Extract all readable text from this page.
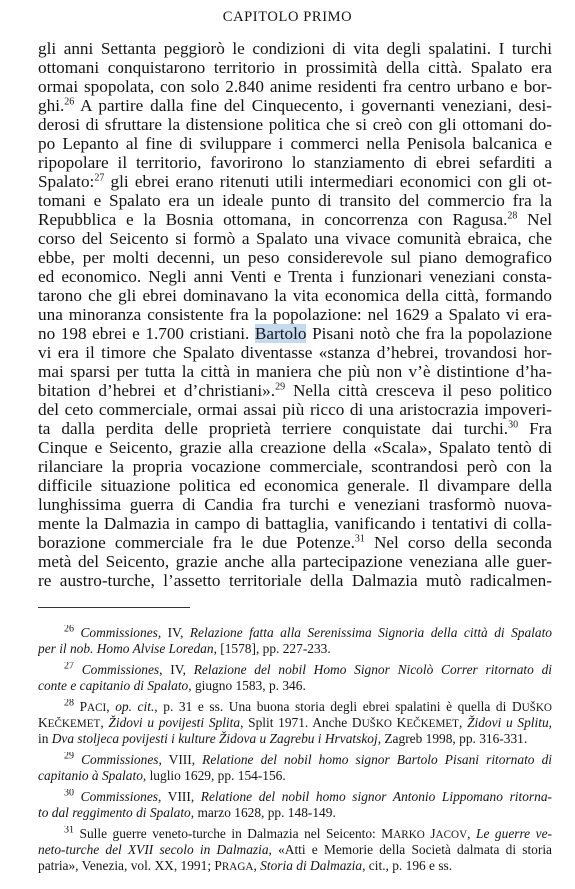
CAPITOLO PRIMO
gli anni Settanta peggiorò le condizioni di vita degli spalatini. I turchi
ottomani conquistarono territorio in prossimità della città. Spalato era
ormai spopolata, con solo 2.840 anime residenti fra centro urbano e bor-
ghi.$^{26}$ A partire dalla fine del Cinquecento, i governanti veneziani, desi-
derosi di sfruttare la distensione politica che si creò con gli ottomani do-
po Lepanto al fine di sviluppare i commerci nella Penisola balcanica e
ripopolare il territorio, favorirono lo stanziamento di ebrei sefarditi a
Spalato:$^{27}$ gli ebrei erano ritenuti utili intermediari economici con gli ot-
tomani e Spalato era un ideale punto di transito del commercio fra la
Repubblica e la Bosnia ottomana, in concorrenza con Ragusa.$^{28}$ Nel
corso del Seicento si formò a Spalato una vivace comunità ebraica, che
ebbe, per molti decenni, un peso considerevole sul piano demografico
ed economico. Negli anni Venti e Trenta i funzionari veneziani consta-
tarono che gli ebrei dominavano la vita economica della città, formando
una minoranza consistente fra la popolazione: nel 1629 a Spalato vi era-
no 198 ebrei e 1.700 cristiani. Bartolo Pisani notò che fra la popolazione
vi era il timore che Spalato diventasse «stanza d’hebrei, trovandosi hor-
mai sparsi per tutta la città in maniera che più non v’è distintione d’ha-
bitation d’hebrei et d’christiani».$^{29}$ Nella città cresceva il peso politico
del ceto commerciale, ormai assai più ricco di una aristocrazia impoveri-
ta dalla perdita delle proprietà terriere conquistate dai turchi.$^{30}$ Fra
Cinque e Seicento, grazie alla creazione della «Scala», Spalato tentò di
rilanciare la propria vocazione commerciale, scontrandosi però con la
difficile situazione politica ed economica generale. Il divampare della
lunghissima guerra di Candia fra turchi e veneziani trasformò nuova-
mente la Dalmazia in campo di battaglia, vanificando i tentativi di colla-
borazione commerciale fra le due Potenze.$^{31}$ Nel corso della seconda
metà del Seicento, grazie anche alla partecipazione veneziana alle guer-
re austro-turche, l’assetto territoriale della Dalmazia mutò radicalmen-
$^{26}$ Commissiones, IV, Relazione fatta alla Serenissima Signoria della città di Spalato
per il nob. Homo Alvise Loredan, [1578], pp. 227-233.
$^{27}$ Commissiones, IV, Relazione del nobil Homo Signor Nicolò Correr ritornato di
conte e capitanio di Spalato, giugno 1583, p. 346.
$^{28}$ PACI, op. cit., p. 31 e ss. Una buona storia degli ebrei spalatini è quella di DUŠKO
KEČKEMET, Židovi u povijesti Splita, Split 1971. Anche DUŠKO KEČKEMET, Židovi u Splitu,
in Dva stoljeca povijesti i kulture Židova u Zagrebu i Hrvatskoj, Zagreb 1998, pp. 316-331.
$^{29}$ Commissiones, VIII, Relatione del nobil homo signor Bartolo Pisani ritornato di
capitanio à Spalato, luglio 1629, pp. 154-156.
$^{30}$ Commissiones, VIII, Relatione del nobil homo signor Antonio Lippomano ritorna-
to dal reggimento di Spalato, marzo 1628, pp. 148-149.
$^{31}$ Sulle guerre veneto-turche in Dalmazia nel Seicento: MARKO JACOV, Le guerre ve-
neto-turche del XVII secolo in Dalmazia, «Atti e Memorie della Società dalmata di storia
patria», Venezia, vol. XX, 1991; PRAGA, Storia di Dalmazia, cit., p. 196 e ss.
